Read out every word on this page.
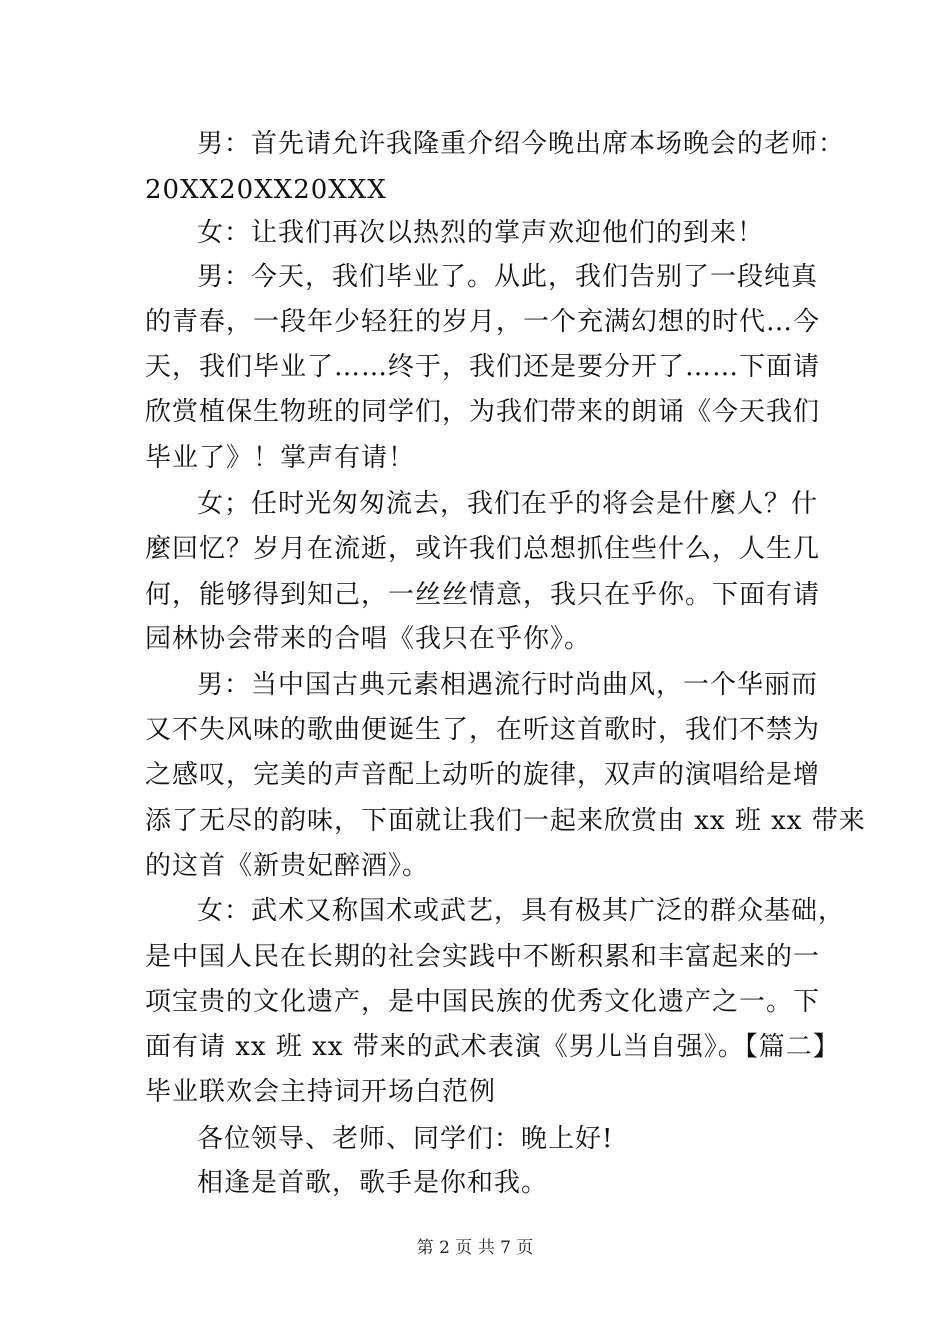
男：首先请允许我隆重介绍今晚出席本场晚会的老师：
20XX20XX20XXX
女：让我们再次以热烈的掌声欢迎他们的到来！
男：今天，我们毕业了。从此，我们告别了一段纯真
的青春，一段年少轻狂的岁月，一个充满幻想的时代…今
天，我们毕业了……终于，我们还是要分开了……下面请
欣赏植保生物班的同学们，为我们带来的朗诵《今天我们
毕业了》！掌声有请！
女；任时光匆匆流去，我们在乎的将会是什麼人？什
麼回忆？岁月在流逝，或许我们总想抓住些什么，人生几
何，能够得到知己，一丝丝情意，我只在乎你。下面有请
园林协会带来的合唱《我只在乎你》。
男：当中国古典元素相遇流行时尚曲风，一个华丽而
又不失风味的歌曲便诞生了，在听这首歌时，我们不禁为
之感叹，完美的声音配上动听的旋律，双声的演唱给是增
添了无尽的韵味，下面就让我们一起来欣赏由 xx 班 xx 带来
的这首《新贵妃醉酒》。
女：武术又称国术或武艺，具有极其广泛的群众基础，
是中国人民在长期的社会实践中不断积累和丰富起来的一
项宝贵的文化遗产，是中国民族的优秀文化遗产之一。下
面有请 xx 班 xx 带来的武术表演《男儿当自强》。【篇二】
毕业联欢会主持词开场白范例
各位领导、老师、同学们：晚上好!
相逢是首歌，歌手是你和我。
第 2 页 共 7 页
